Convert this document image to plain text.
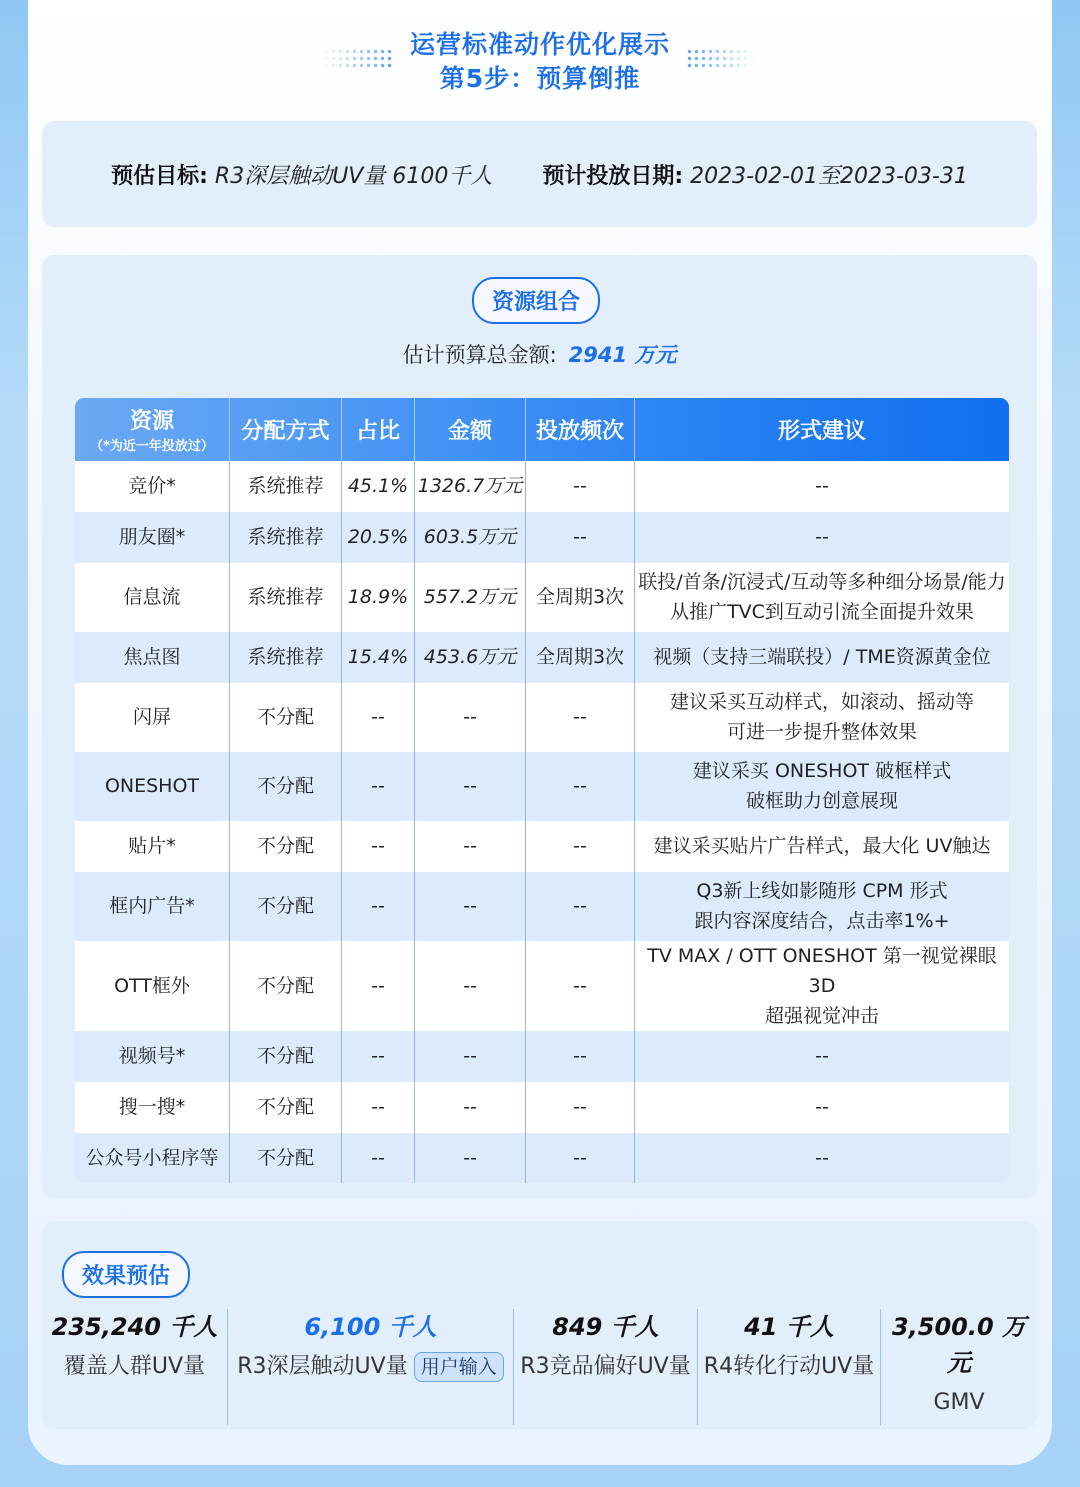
运营标准动作优化展示
第5步：预算倒推
预估目标: R3深层触动UV量 6100千人 预计投放日期: 2023-02-01至2023-03-31
资源组合
估计预算总金额: 2941 万元
资源
（*为近一年投放过）	分配方式	占比	金额	投放频次	形式建议
竞价*	系统推荐	45.1%	1326.7万元	--	--
朋友圈*	系统推荐	20.5%	603.5万元	--	--
信息流	系统推荐	18.9%	557.2万元	全周期3次	联投/首条/沉浸式/互动等多种细分场景/能力
从推广TVC到互动引流全面提升效果
焦点图	系统推荐	15.4%	453.6万元	全周期3次	视频（支持三端联投）/ TME资源黄金位
闪屏	不分配	--	--	--	建议采买互动样式，如滚动、摇动等
可进一步提升整体效果
ONESHOT	不分配	--	--	--	建议采买 ONESHOT 破框样式
破框助力创意展现
贴片*	不分配	--	--	--	建议采买贴片广告样式，最大化 UV触达
框内广告*	不分配	--	--	--	Q3新上线如影随形 CPM 形式
跟内容深度结合，点击率1%+
OTT框外	不分配	--	--	--	TV MAX / OTT ONESHOT 第一视觉裸眼3D
超强视觉冲击
视频号*	不分配	--	--	--	--
搜一搜*	不分配	--	--	--	--
公众号小程序等	不分配	--	--	--	--
效果预估
235,240 千人
覆盖人群UV量
6,100 千人
R3深层触动UV量 用户输入
849 千人
R3竞品偏好UV量
41 千人
R4转化行动UV量
3,500.0 万元
GMV
